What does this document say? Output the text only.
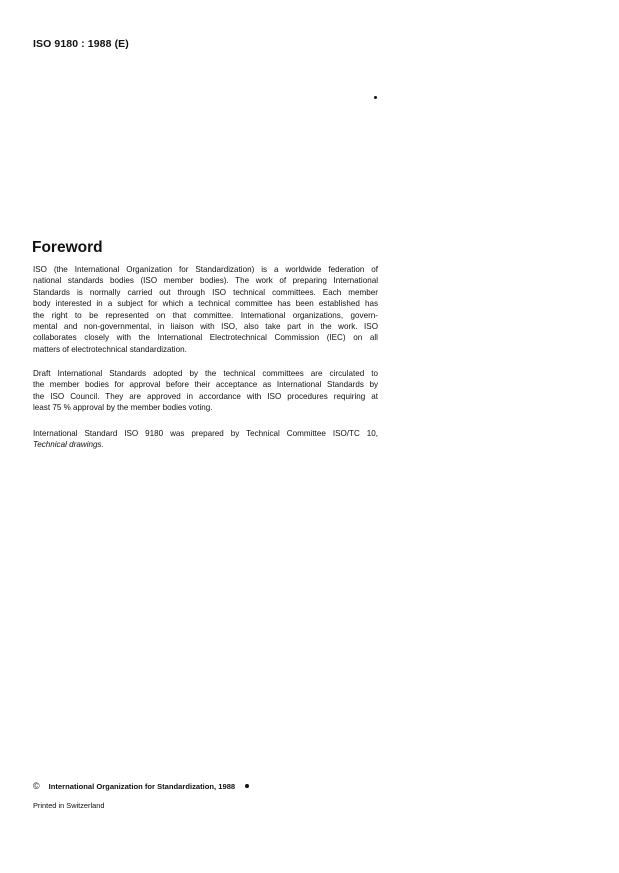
ISO 9180 : 1988 (E)
Foreword
ISO (the International Organization for Standardization) is a worldwide federation of
national standards bodies (ISO member bodies). The work of preparing International
Standards is normally carried out through ISO technical committees. Each member
body interested in a subject for which a technical committee has been established has
the right to be represented on that committee. International organizations, govern-
mental and non-governmental, in liaison with ISO, also take part in the work. ISO
collaborates closely with the International Electrotechnical Commission (IEC) on all
matters of electrotechnical standardization.
Draft International Standards adopted by the technical committees are circulated to
the member bodies for approval before their acceptance as International Standards by
the ISO Council. They are approved in accordance with ISO procedures requiring at
least 75 % approval by the member bodies voting.
International Standard ISO 9180 was prepared by Technical Committee ISO/TC 10,
Technical drawings.
© International Organization for Standardization, 1988
Printed in Switzerland
